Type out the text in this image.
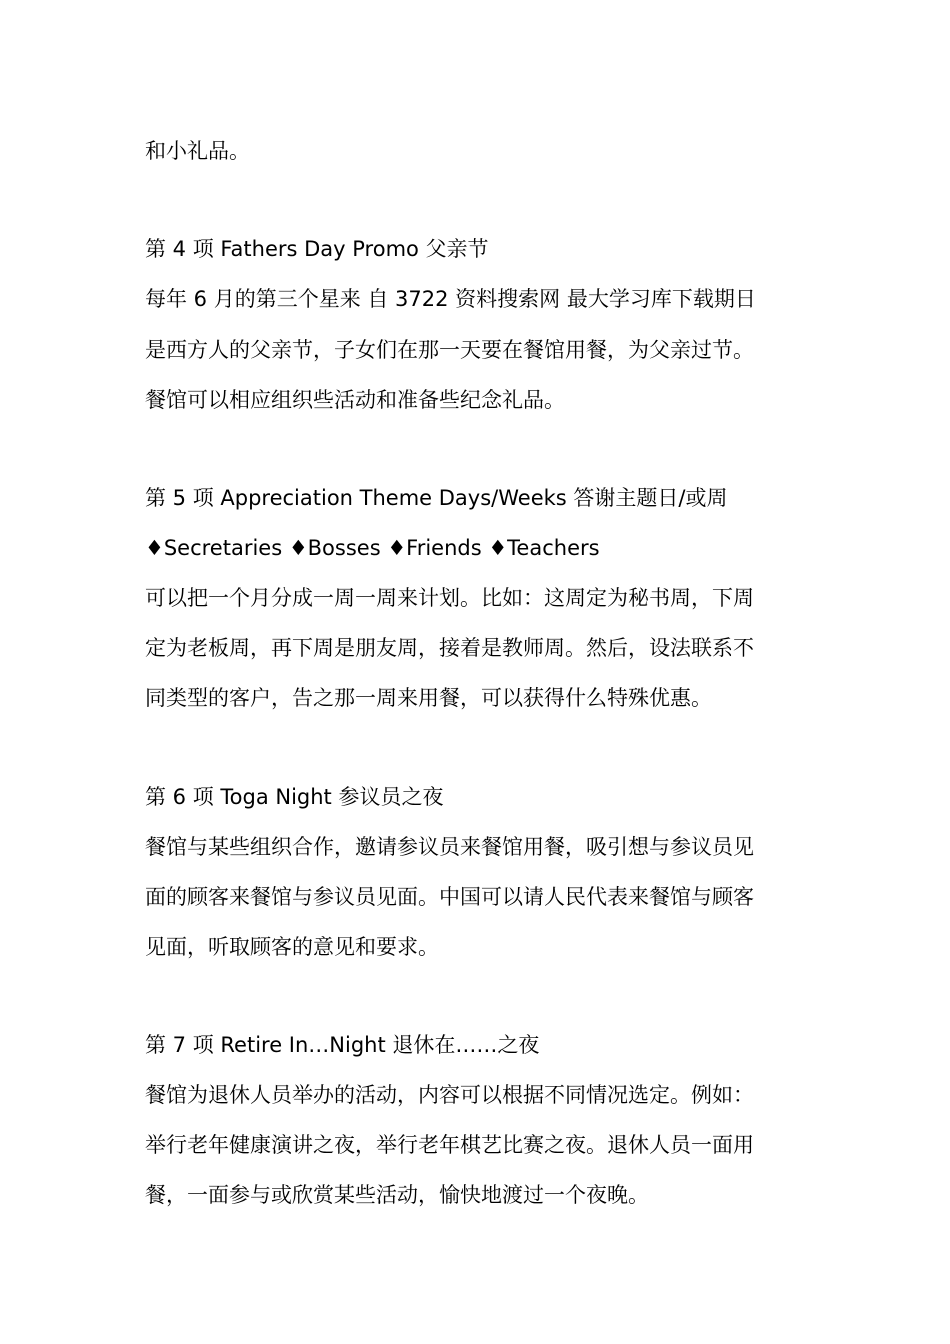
和小礼品。
第 4 项 Fathers Day Promo 父亲节
每年 6 月的第三个星来 自 3722 资料搜索网 最大学习库下载期日
是西方人的父亲节，子女们在那一天要在餐馆用餐，为父亲过节。
餐馆可以相应组织些活动和准备些纪念礼品。
第 5 项 Appreciation Theme Days/Weeks 答谢主题日/或周
♦Secretaries ♦Bosses ♦Friends ♦Teachers
可以把一个月分成一周一周来计划。比如：这周定为秘书周，下周
定为老板周，再下周是朋友周，接着是教师周。然后，设法联系不
同类型的客户，告之那一周来用餐，可以获得什么特殊优惠。
第 6 项 Toga Night 参议员之夜
餐馆与某些组织合作，邀请参议员来餐馆用餐，吸引想与参议员见
面的顾客来餐馆与参议员见面。中国可以请人民代表来餐馆与顾客
见面，听取顾客的意见和要求。
第 7 项 Retire In…Night 退休在……之夜
餐馆为退休人员举办的活动，内容可以根据不同情况选定。例如：
举行老年健康演讲之夜，举行老年棋艺比赛之夜。退休人员一面用
餐，一面参与或欣赏某些活动，愉快地渡过一个夜晚。
